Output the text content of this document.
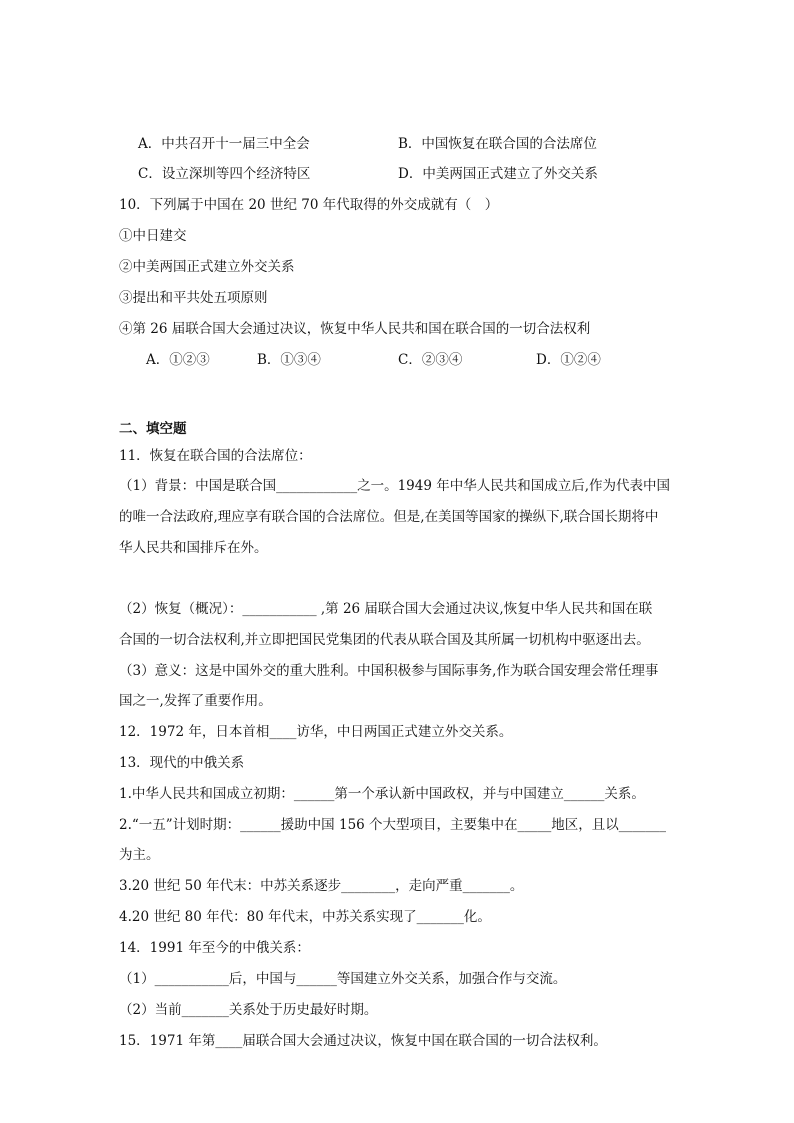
A．中共召开十一届三中全会	B．中国恢复在联合国的合法席位
C．设立深圳等四个经济特区	D．中美两国正式建立了外交关系
10．下列属于中国在 20 世纪 70 年代取得的外交成就有（　）
①中日建交
②中美两国正式建立外交关系
③提出和平共处五项原则
④第 26 届联合国大会通过决议，恢复中华人民共和国在联合国的一切合法权利
A．①②③	B．①③④	C．②③④	D．①②④
二、填空题
11．恢复在联合国的合法席位：
（1）背景：中国是联合国____________之一。1949 年中华人民共和国成立后,作为代表中国
的唯一合法政府,理应享有联合国的合法席位。但是,在美国等国家的操纵下,联合国长期将中
华人民共和国排斥在外。
（2）恢复（概况）：___________ ,第 26 届联合国大会通过决议,恢复中华人民共和国在联
合国的一切合法权利,并立即把国民党集团的代表从联合国及其所属一切机构中驱逐出去。
（3）意义：这是中国外交的重大胜利。中国积极参与国际事务,作为联合国安理会常任理事
国之一,发挥了重要作用。
12．1972 年，日本首相____访华，中日两国正式建立外交关系。
13．现代的中俄关系
1.中华人民共和国成立初期：______第一个承认新中国政权，并与中国建立______关系。
2.“一五”计划时期：______援助中国 156 个大型项目，主要集中在_____地区，且以_______
为主。
3.20 世纪 50 年代末：中苏关系逐步________，走向严重_______。
4.20 世纪 80 年代：80 年代末，中苏关系实现了_______化。
14．1991 年至今的中俄关系：
（1）___________后，中国与______等国建立外交关系，加强合作与交流。
（2）当前_______关系处于历史最好时期。
15．1971 年第____届联合国大会通过决议，恢复中国在联合国的一切合法权利。
